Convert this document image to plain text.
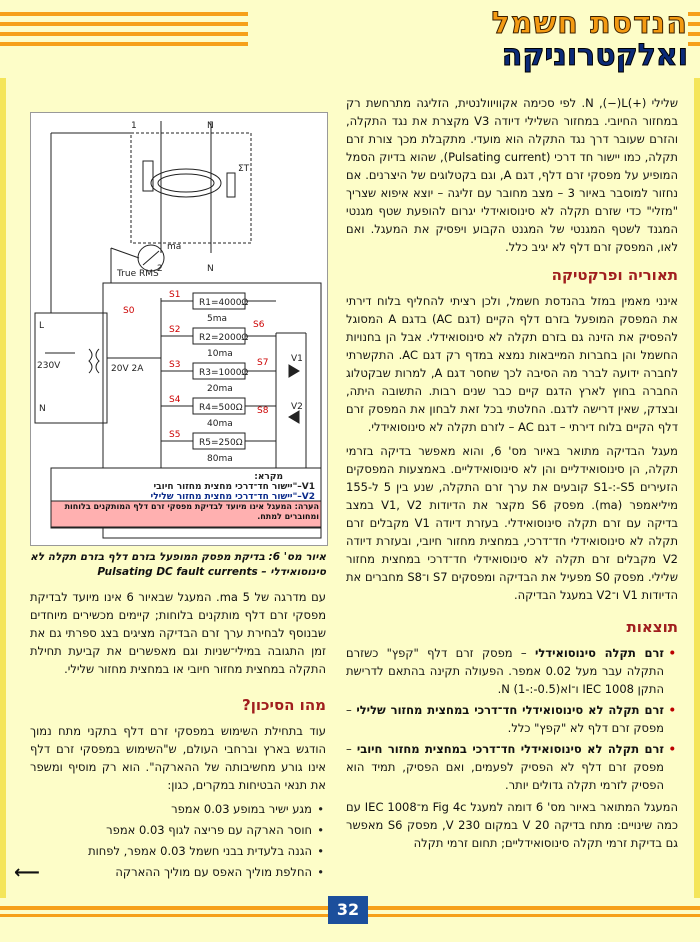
הנדסת חשמל
ואלקטרוניקה

שלילי (+)N ,(−)L. לפי סכימה אקוויוולנטית, הזליגה מתרחשת רק במחזור החיובי. במחזור השלילי דיודה V3 מקצרת את נגד התקלה, והזרם שעובר דרך נגד התקלה הוא מועדי. מתקבלת מכך צורת זרם תקלה, כמו יישור חד דרכי (Pulsating current), שהוא בדיוק הסמל המופיע על מפסקי זרם דלף, דגם A, וגם בקטלוגים של היצרנים. אם נחזור למוסבר באיור 3 – מצב מחובר עם זליגה – יוצא איפוא שצריך "מזלי" כדי שזרם תקלה לא סינוסואידלי יגרום להופעת שטף מגנטי המגנד לשטף המגנטי של המגנט הקבוע ויפסיק את המעגל. ואם לאו, המפסק זרם דלף לא יגיב כלל.

תאוריה ופרקטיקה

אינני מאמין במזל בהנדסת חשמל, ולכן רציתי להחליף בלוח דירתי את המפסק המופעל בזרם דלף הקיים (דגם AC) בדגם A המסוגל להפסיק את הזינה גם בזרם תקלה לא סינוסואידלי. אבל הן בחנויות החשמל והן בחברות המייבאות נמצא במדף רק דגם AC. התקשרתי לחברה ידועה לברר מה הסיבה לכך שחסר דגם A, למרות שבקטלוג החברה בחוץ לארץ הדגם קיים כבר שנים רבות. התשובה היתה, ובצדק, שאין דרישה לדגם. החלטתי בכל זאת לבחון את המפסק זרם דלף הקיים בלוח דירתי – דגם AC – לזרם תקלה לא סינוסואידלי.

מעגל הבדיקה מתואר באיור מס' 6, והוא מאפשר בדיקה בזרמי תקלה, הן סינוסואידליים והן לא סינוסואידליים. באמצעות המפסקים הזעירים S1-:-S5 קובעים את ערך זרם התקלה, שנע בין 5 ל-155 מיליאמפר (ma). מפסק S6 מקצר את הדיודות V1, V2 במצב בדיקה עם זרם תקלה סינוסואידלי. בעזרת דיודה V1 מקבלים זרם תקלה לא סינוסואידלי חד־דרכי, במחצית מחזור חיובי, ובעזרת דיודה V2 מקבלים זרם תקלה לא סינוסואידלי חד־דרכי במחצית מחזור שלילי. מפסק S0 מפעיל את הבדיקה ומפסקים S7 ו־S8 מחברים את הדיודות V1 ו־V2 במעגל הבדיקה.

תוצאות
• זרם תקלה סינוסואידלי – מפסק זרם דלף "קפץ" כשזרם התקלה עבר מעל 0.02 אמפר. הפעולה תקינה בהתאם לדרישת התקן 1008 IEC ו־IאN (1-:-0.5).
• זרם תקלה לא סינוסואידלי חד־דרכי במחצית מחזור שלילי – מפסק זרם דלף לא "קפץ" כלל.
• זרם תקלה לא סינוסואידלי חד־דרכי במחצית מחזור חיובי – מפסק זרם דלף לא הפסיק לפעמים, ואם הפסיק, תמיד הוא הפסיק לזרמי תקלה גדולים יותר.

המעגל המתואר באיור מס' 6 דומה למעגל Fig 4c מ־IEC 1008 עם כמה שינויים: מתח בדיקה 20 V במקום 230 V, מפסק S6 מאפשר גם בדיקת זרמי תקלה סינוסואידליים; תחום זרמי תקלה

1	N
2	N
ΣT
ma
True RMS
230V	20V 2A
L
N
S0
S1
S2
S3
S4
S5
S6
S7
S8
R1=4000Ω
R2=2000Ω
R3=1000Ω
R4=500Ω
R5=250Ω
5ma
10ma
20ma
40ma
80ma
V1
V2
מקרא:
V1–"יישור חד־דרכי מחצית מחזור חיובי
V2–"יישור חד־דרכי מחצית מחזור שלילי
הערה: המעגל אינו מיועד לבדיקת מפסקי זרם דלף המותקנים בלוחות ומחוברים למתח.
איור מס' 6: בדיקת מפסק המופעל בזרם דלף בזרם תקלה לא
סינוסואידלי – Pulsating DC fault currents

עם מדרגה של 5 ma. המעגל שבאיור 6 אינו מיועד לבדיקת מפסקי זרם דלף מותקנים בלוחות; קיימים מכשירים מיוחדים שבנוסף לבחירת ערך זרם הבדיקה מציגים בצג ספרתי גם את זמן התגובה במילי־שניות וגם מאפשרים את קביעת תחילת התקלה במחצית מחזור חיובי או במחצית מחזור שלילי.

מהו הסיכון?

עוד בתחילת השימוש במפסקי זרם דלף בתקני מתח נמוך הודגש בארץ וברחבי העולם, ש"השימוש במפסקי זרם דלף אינו גורע מחשיבותה של ההארקה". הוא רק מוסיף ומשפר את תנאי הבטיחות במקרים, כגון:

• מגע ישיר במופע 0.03 אמפר
• חוסר הארקה עם פריצה לגוף 0.03 אמפר
• הגנה בלעדית בבני חשמל 0.03 אמפר, לפחות
• החלפת מוליך האפס עם מוליך ההארקה
⟵
32
